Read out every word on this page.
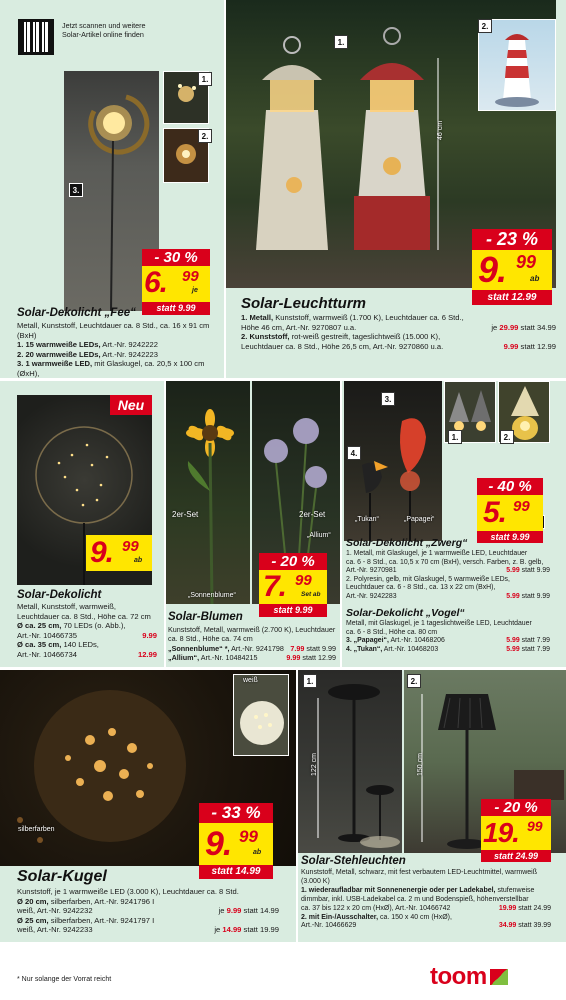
Jetzt scannen und weitere Solar-Artikel online finden
1.
2.
3.
- 30 %
6. 99
je
statt 9.99
Solar-Dekolicht „Fee“
Metall, Kunststoff, Leuchtdauer ca. 8 Std., ca. 16 x 91 cm (BxH)
1. 15 warmweiße LEDs, Art.-Nr. 9242222
2. 20 warmweiße LEDs, Art.-Nr. 9242223
3. 1 warmweiße LED, mit Glaskugel, ca. 20,5 x 100 cm (ØxH),
46 cm
1.
2.
- 23 %
9. 99
ab
statt 12.99
Solar-Leuchtturm
1. Metall, Kunststoff, warmweiß (1.700 K), Leuchtdauer ca. 6 Std.,
Höhe 46 cm, Art.-Nr. 9270807 u.a.	je 29.99 statt 34.99
2. Kunststoff, rot-weiß gestreift, tageslichtweiß (15.000 K),
Leuchtdauer ca. 8 Std., Höhe 26,5 cm, Art.-Nr. 9270860 u.a.	9.99 statt 12.99
Neu
9. 99
ab
Solar-Dekolicht
Metall, Kunststoff, warmweiß, Leuchtdauer ca. 8 Std., Höhe ca. 72 cm
Ø ca. 25 cm, 70 LEDs (o. Abb.),
Art.-Nr. 10466735	9.99
Ø ca. 35 cm, 140 LEDs,
Art.-Nr. 10466734	12.99
2er-Set	2er-Set
„Sonnenblume“
„Allium“
- 20 %
7. 99
Set ab
statt 9.99
Solar-Blumen
Kunststoff, Metall, warmweiß (2.700 K), Leuchtdauer ca. 8 Std., Höhe ca. 74 cm
„Sonnenblume“ *, Art.-Nr. 9241798 7.99 statt 9.99
„Allium“, Art.-Nr. 10484215	9.99 statt 12.99
3.
1.	2.
4.
„Tukan“	„Papagei“
- 40 %
5. 99
statt 9.99
Solar-Dekolicht „Zwerg“
1. Metall, mit Glaskugel, je 1 warmweiße LED, Leuchtdauer
ca. 6 - 8 Std., ca. 10,5 x 70 cm (BxH), versch. Farben, z. B. gelb,
Art.-Nr. 9270981	5.99 statt 9.99
2. Polyresin, gelb, mit Glaskugel, 5 warmweiße LEDs,
Leuchtdauer ca. 6 - 8 Std., ca. 13 x 22 cm (BxH),
Art.-Nr. 9242283	5.99 statt 9.99
Solar-Dekolicht „Vogel“
Metall, mit Glaskugel, je 1 tageslichtweiße LED, Leuchtdauer
ca. 6 - 8 Std., Höhe ca. 80 cm
3. „Papagei“, Art.-Nr. 10468206	5.99 statt 7.99
4. „Tukan“, Art.-Nr. 10468203	5.99 statt 7.99
weiß
silberfarben
- 33 %
9. 99
ab
statt 14.99
Solar-Kugel
Kunststoff, je 1 warmweiße LED (3.000 K), Leuchtdauer ca. 8 Std.
Ø 20 cm, silberfarben, Art.-Nr. 9241796 I
weiß, Art.-Nr. 9242232	je 9.99 statt 14.99
Ø 25 cm, silberfarben, Art.-Nr. 9241797 I
weiß, Art.-Nr. 9242233	je 14.99 statt 19.99
1.	2.
122 cm	150 cm
- 20 %
19. 99
statt 24.99
Solar-Stehleuchten
Kunststoff, Metall, schwarz, mit fest verbautem LED-Leuchtmittel, warmweiß (3.000 K)
1. wiederaufladbar mit Sonnenenergie oder per Ladekabel, stufenweise
dimmbar, inkl. USB-Ladekabel ca. 2 m und Bodenspieß, höhenverstellbar
ca. 37 bis 122 x 20 cm (HxØ), Art.-Nr. 10466742	19.99 statt 24.99
2. mit Ein-/Ausschalter, ca. 150 x 40 cm (HxØ),
Art.-Nr. 10466629	34.99 statt 39.99
* Nur solange der Vorrat reicht	toom
